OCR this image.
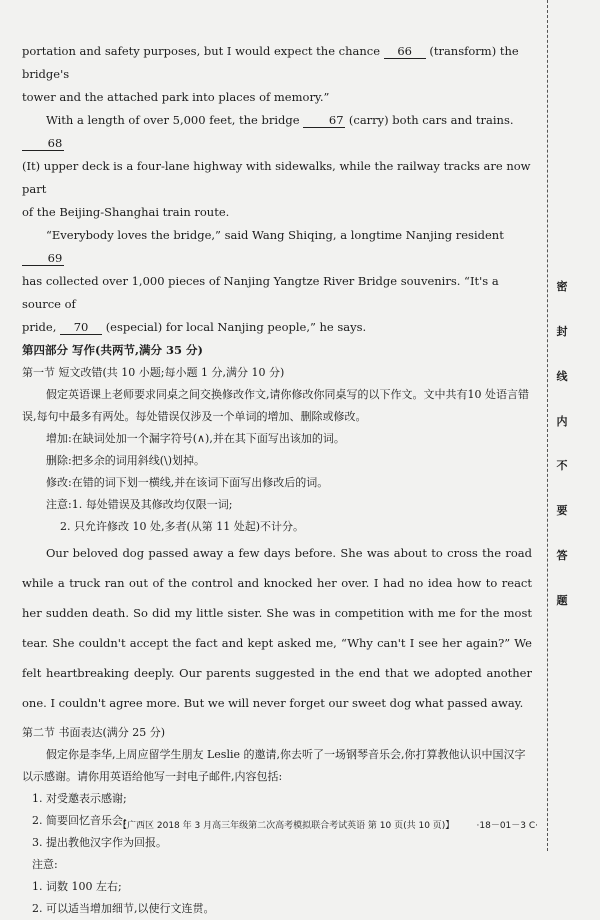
portation and safety purposes, but I would expect the chance 66 (transform) the bridge's

tower and the attached park into places of memory.”

With a length of over 5,000 feet, the bridge	67 (carry) both cars and trains. 68

(It) upper deck is a four-lane highway with sidewalks, while the railway tracks are now part

of the Beijing-Shanghai train route.

“Everybody loves the bridge,” said Wang Shiqing, a longtime Nanjing resident 69

has collected over 1,000 pieces of Nanjing Yangtze River Bridge souvenirs. “It's a source of

pride, 70 (especial) for local Nanjing people,” he says.

第四部分 写作(共两节,满分 35 分)
第一节 短文改错(共 10 小题;每小题 1 分,满分 10 分)
假定英语课上老师要求同桌之间交换修改作文,请你修改你同桌写的以下作文。文中共有10 处语言错误,每句中最多有两处。每处错误仅涉及一个单词的增加、删除或修改。
增加:在缺词处加一个漏字符号(∧),并在其下面写出该加的词。
删除:把多余的词用斜线(\)划掉。
修改:在错的词下划一横线,并在该词下面写出修改后的词。
注意:1. 每处错误及其修改均仅限一词;
2. 只允许修改 10 处,多者(从第 11 处起)不计分。

Our beloved dog passed away a few days before. She was about to cross the road while a truck ran out of the control and knocked her over. I had no idea how to react her sudden death. So did my little sister. She was in competition with me for the most tear. She couldn't accept the fact and kept asked me, “Why can't I see her again?” We felt heartbreaking deeply. Our parents suggested in the end that we adopted another one. I couldn't agree more. But we will never forget our sweet dog what passed away.

第二节 书面表达(满分 25 分)
假定你是李华,上周应留学生朋友 Leslie 的邀请,你去听了一场钢琴音乐会,你打算教他认识中国汉字以示感谢。请你用英语给他写一封电子邮件,内容包括:
1. 对受邀表示感谢;
2. 简要回忆音乐会;
3. 提出教他汉字作为回报。
注意:
1. 词数 100 左右;
2. 可以适当增加细节,以使行文连贯。
密
封
线
内
不
要
答
题
【广西区 2018 年 3 月高三年级第二次高考模拟联合考试英语 第 10 页(共 10 页)】 ·18－01－3 C·
